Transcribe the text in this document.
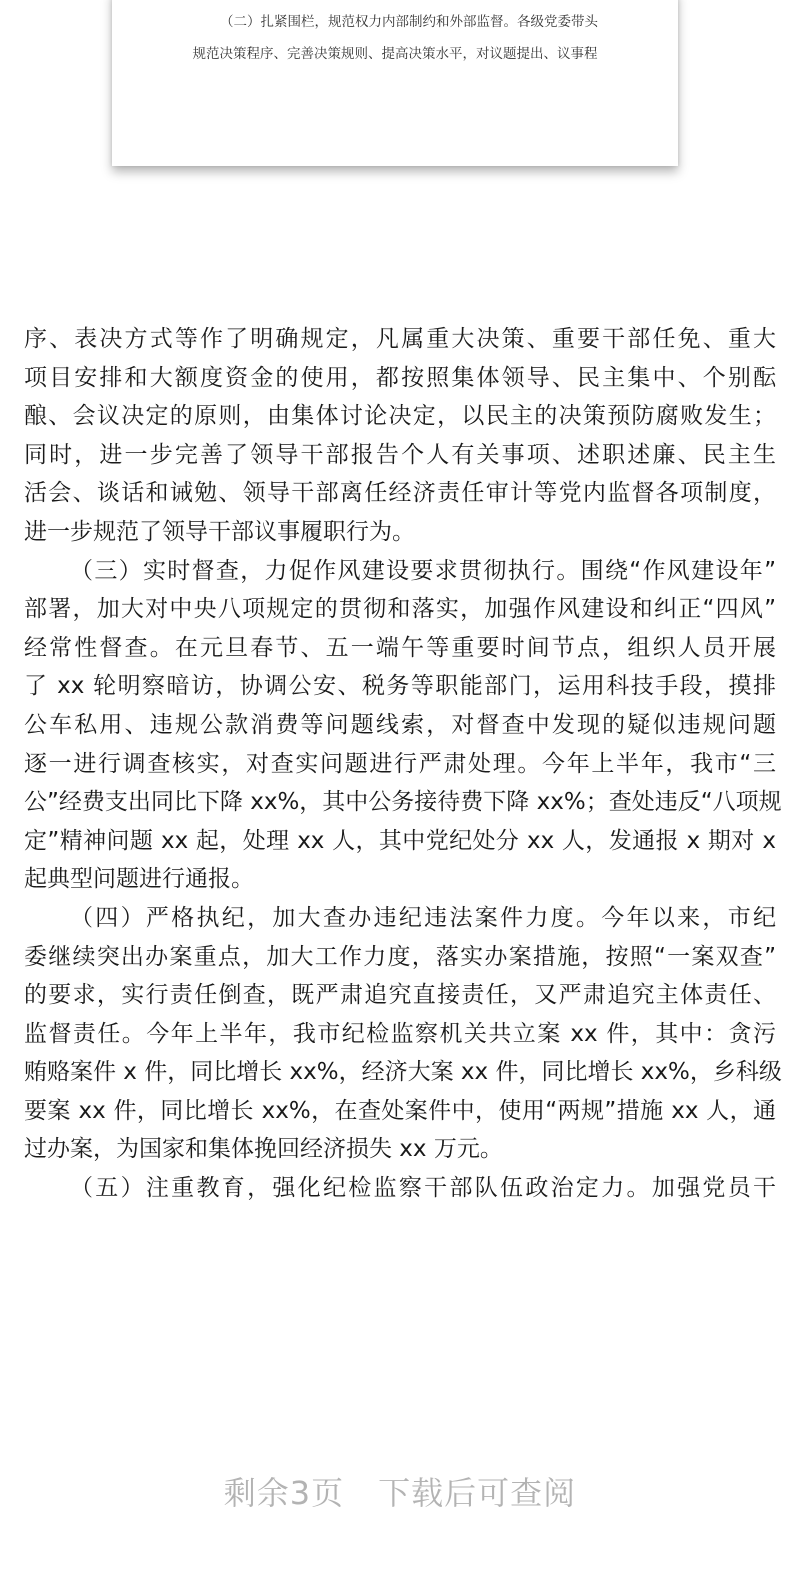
（二）扎紧围栏，规范权力内部制约和外部监督。各级党委带头
规范决策程序、完善决策规则、提高决策水平，对议题提出、议事程
序、表决方式等作了明确规定，凡属重大决策、重要干部任免、重大
项目安排和大额度资金的使用，都按照集体领导、民主集中、个别酝
酿、会议决定的原则，由集体讨论决定，以民主的决策预防腐败发生；
同时，进一步完善了领导干部报告个人有关事项、述职述廉、民主生
活会、谈话和诫勉、领导干部离任经济责任审计等党内监督各项制度，
进一步规范了领导干部议事履职行为。
（三）实时督查，力促作风建设要求贯彻执行。围绕“作风建设年”
部署，加大对中央八项规定的贯彻和落实，加强作风建设和纠正“四风”
经常性督查。在元旦春节、五一端午等重要时间节点，组织人员开展
了 xx 轮明察暗访，协调公安、税务等职能部门，运用科技手段，摸排
公车私用、违规公款消费等问题线索，对督查中发现的疑似违规问题
逐一进行调查核实，对查实问题进行严肃处理。今年上半年，我市“三
公”经费支出同比下降 xx%，其中公务接待费下降 xx%；查处违反“八项规
定”精神问题 xx 起，处理 xx 人，其中党纪处分 xx 人，发通报 x 期对 x
起典型问题进行通报。
（四）严格执纪，加大查办违纪违法案件力度。今年以来，市纪
委继续突出办案重点，加大工作力度，落实办案措施，按照“一案双查”
的要求，实行责任倒查，既严肃追究直接责任，又严肃追究主体责任、
监督责任。今年上半年，我市纪检监察机关共立案 xx 件，其中：贪污
贿赂案件 x 件，同比增长 xx%，经济大案 xx 件，同比增长 xx%，乡科级
要案 xx 件，同比增长 xx%，在查处案件中，使用“两规”措施 xx 人，通
过办案，为国家和集体挽回经济损失 xx 万元。
（五）注重教育，强化纪检监察干部队伍政治定力。加强党员干
剩余3页 下载后可查阅
